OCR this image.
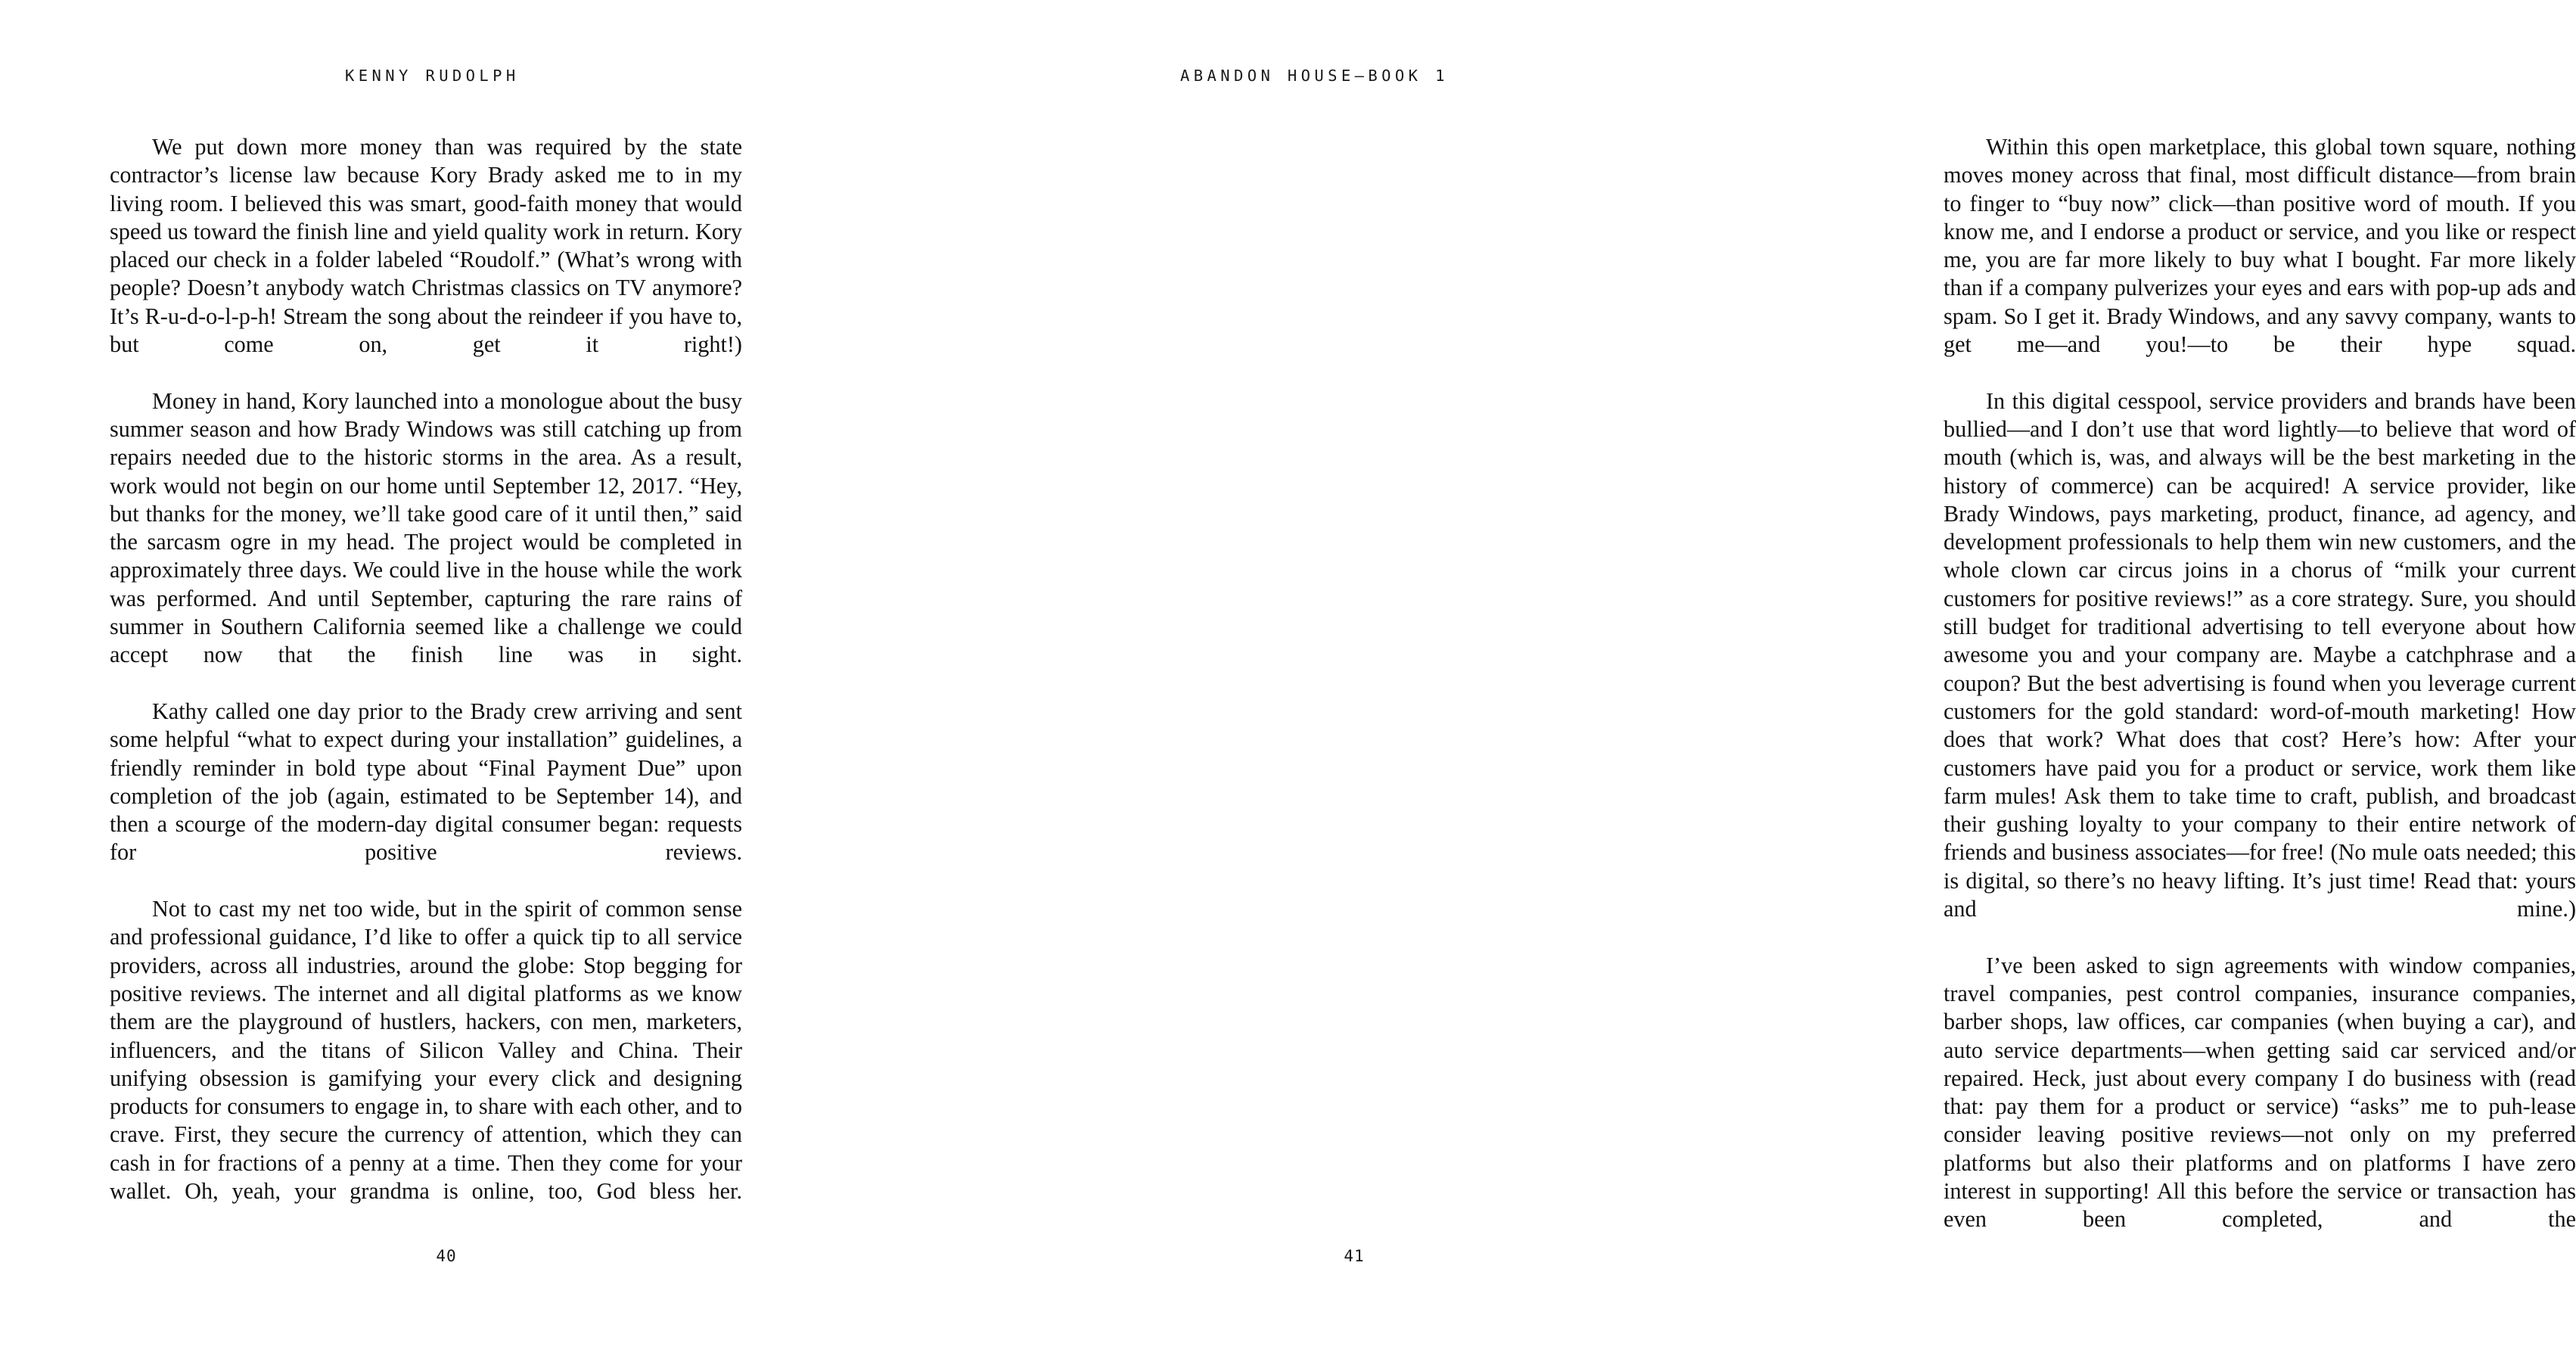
KENNY RUDOLPH

We put down more money than was required by the state contractor’s license law because Kory Brady asked me to in my living room. I believed this was smart, good-faith money that would speed us toward the finish line and yield quality work in return. Kory placed our check in a folder labeled “Roudolf.” (What’s wrong with people? Doesn’t anybody watch Christmas classics on TV anymore? It’s R-u-d-o-l-p-h! Stream the song about the reindeer if you have to, but come on, get it right!)

Money in hand, Kory launched into a monologue about the busy summer season and how Brady Windows was still catching up from repairs needed due to the historic storms in the area. As a result, work would not begin on our home until September 12, 2017. “Hey, but thanks for the money, we’ll take good care of it until then,” said the sarcasm ogre in my head. The project would be completed in approximately three days. We could live in the house while the work was performed. And until September, capturing the rare rains of summer in Southern California seemed like a challenge we could accept now that the finish line was in sight.

Kathy called one day prior to the Brady crew arriving and sent some helpful “what to expect during your installation” guidelines, a friendly reminder in bold type about “Final Payment Due” upon completion of the job (again, estimated to be September 14), and then a scourge of the modern-day digital consumer began: requests for positive reviews.

Not to cast my net too wide, but in the spirit of common sense and professional guidance, I’d like to offer a quick tip to all service providers, across all industries, around the globe: Stop begging for positive reviews. The internet and all digital platforms as we know them are the playground of hustlers, hackers, con men, marketers, influencers, and the titans of Silicon Valley and China. Their unifying obsession is gamifying your every click and designing products for consumers to engage in, to share with each other, and to crave. First, they secure the currency of attention, which they can cash in for fractions of a penny at a time. Then they come for your wallet. Oh, yeah, your grandma is online, too, God bless her.

40
ABANDON HOUSE—BOOK 1

Within this open marketplace, this global town square, nothing moves money across that final, most difficult distance—from brain to finger to “buy now” click—than positive word of mouth. If you know me, and I endorse a product or service, and you like or respect me, you are far more likely to buy what I bought. Far more likely than if a company pulverizes your eyes and ears with pop-up ads and spam. So I get it. Brady Windows, and any savvy company, wants to get me—and you!—to be their hype squad.

In this digital cesspool, service providers and brands have been bullied—and I don’t use that word lightly—to believe that word of mouth (which is, was, and always will be the best marketing in the history of commerce) can be acquired! A service provider, like Brady Windows, pays marketing, product, finance, ad agency, and development professionals to help them win new customers, and the whole clown car circus joins in a chorus of “milk your current customers for positive reviews!” as a core strategy. Sure, you should still budget for traditional advertising to tell everyone about how awesome you and your company are. Maybe a catchphrase and a coupon? But the best advertising is found when you leverage current customers for the gold standard: word-of-mouth marketing! How does that work? What does that cost? Here’s how: After your customers have paid you for a product or service, work them like farm mules! Ask them to take time to craft, publish, and broadcast their gushing loyalty to your company to their entire network of friends and business associates—for free! (No mule oats needed; this is digital, so there’s no heavy lifting. It’s just time! Read that: yours and mine.)

I’ve been asked to sign agreements with window companies, travel companies, pest control companies, insurance companies, barber shops, law offices, car companies (when buying a car), and auto service departments—when getting said car serviced and/or repaired. Heck, just about every company I do business with (read that: pay them for a product or service) “asks” me to puh-lease consider leaving positive reviews—not only on my preferred platforms but also their platforms and on platforms I have zero interest in supporting! All this before the service or transaction has even been completed, and the

41
